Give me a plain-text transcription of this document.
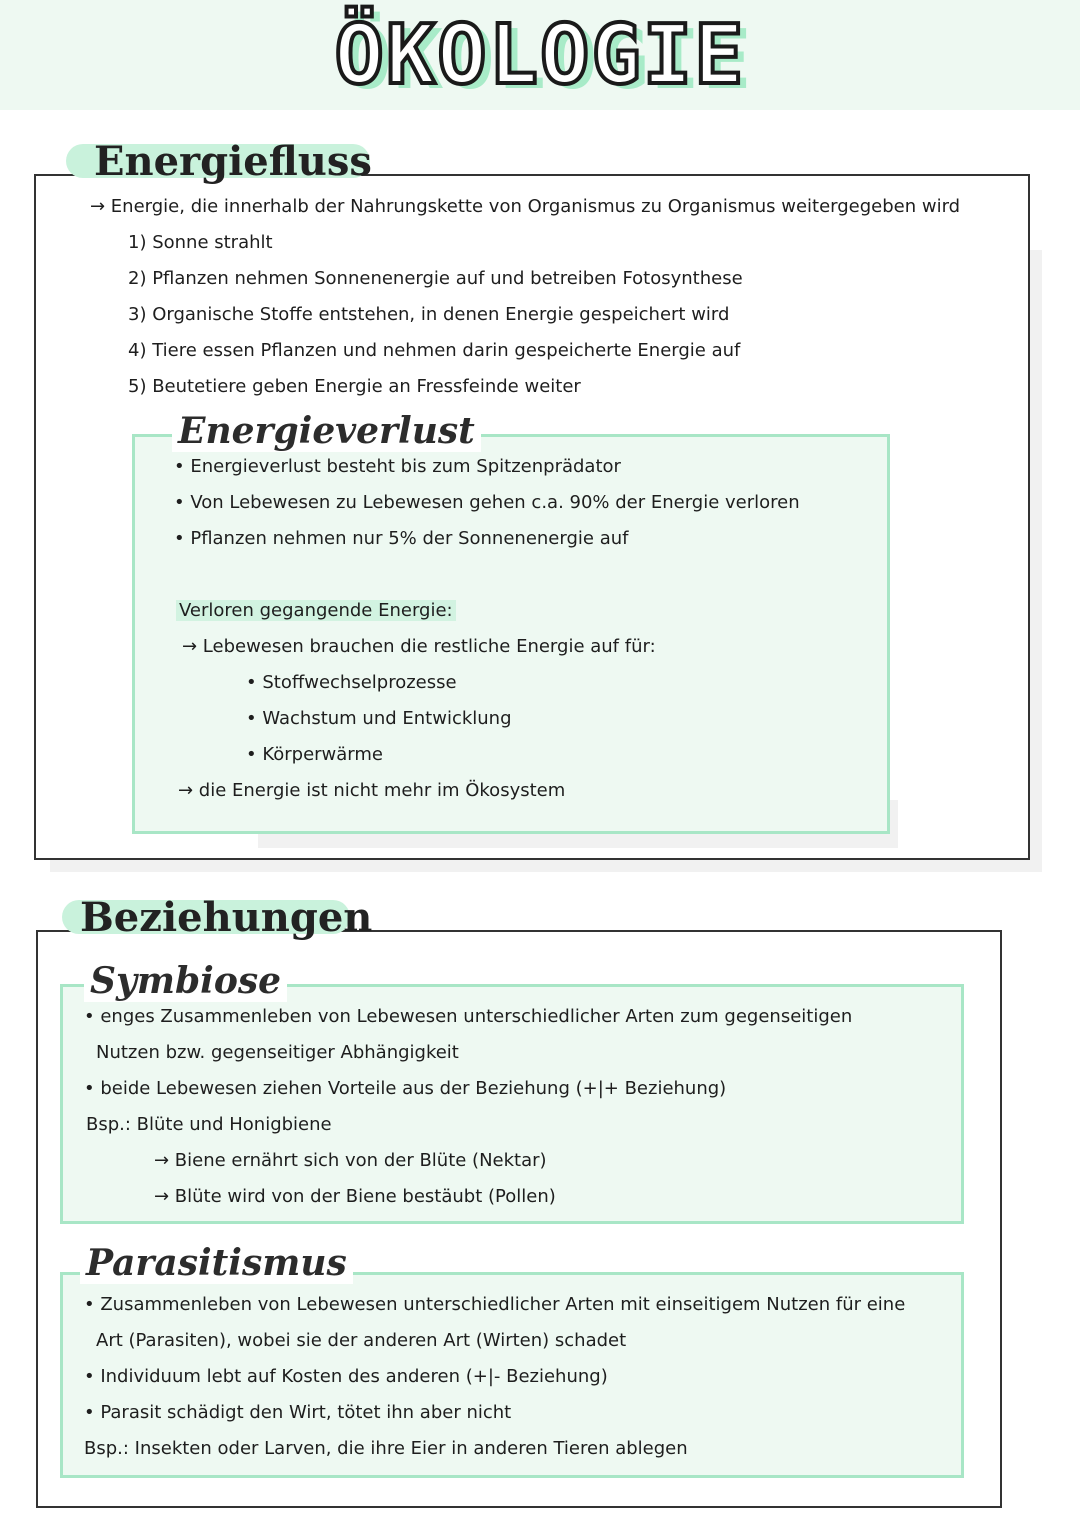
ÖKOLOGIE
Energiefluss
→ Energie, die innerhalb der Nahrungskette von Organismus zu Organismus weitergegeben wird
1) Sonne strahlt
2) Pflanzen nehmen Sonnenenergie auf und betreiben Fotosynthese
3) Organische Stoffe entstehen, in denen Energie gespeichert wird
4) Tiere essen Pflanzen und nehmen darin gespeicherte Energie auf
5) Beutetiere geben Energie an Fressfeinde weiter
Energieverlust
• Energieverlust besteht bis zum Spitzenprädator
• Von Lebewesen zu Lebewesen gehen c.a. 90% der Energie verloren
• Pflanzen nehmen nur 5% der Sonnenenergie auf
Verloren gegangende Energie:
→ Lebewesen brauchen die restliche Energie auf für:
• Stoffwechselprozesse
• Wachstum und Entwicklung
• Körperwärme
→ die Energie ist nicht mehr im Ökosystem
Beziehungen
Symbiose
• enges Zusammenleben von Lebewesen unterschiedlicher Arten zum gegenseitigen
Nutzen bzw. gegenseitiger Abhängigkeit
• beide Lebewesen ziehen Vorteile aus der Beziehung (+|+ Beziehung)
Bsp.: Blüte und Honigbiene
→ Biene ernährt sich von der Blüte (Nektar)
→ Blüte wird von der Biene bestäubt (Pollen)
Parasitismus
• Zusammenleben von Lebewesen unterschiedlicher Arten mit einseitigem Nutzen für eine
Art (Parasiten), wobei sie der anderen Art (Wirten) schadet
• Individuum lebt auf Kosten des anderen (+|- Beziehung)
• Parasit schädigt den Wirt, tötet ihn aber nicht
Bsp.: Insekten oder Larven, die ihre Eier in anderen Tieren ablegen
